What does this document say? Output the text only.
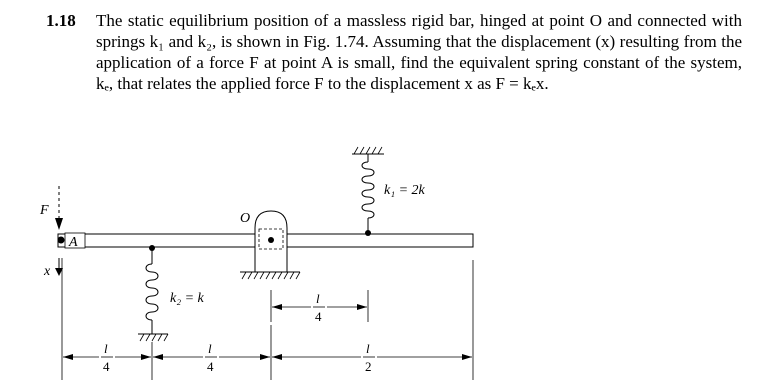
1.18 The static equilibrium position of a massless rigid bar, hinged at point O and connected with springs k₁ and k₂, is shown in Fig. 1.74. Assuming that the displacement (x) resulting from the application of a force F at point A is small, find the equivalent spring constant of the system, kₑ, that relates the applied force F to the displacement x as F = kₑx.
A
F
x
O
k₁ = 2k
k₂ = k	l
4
l
4
l
4
l
2
